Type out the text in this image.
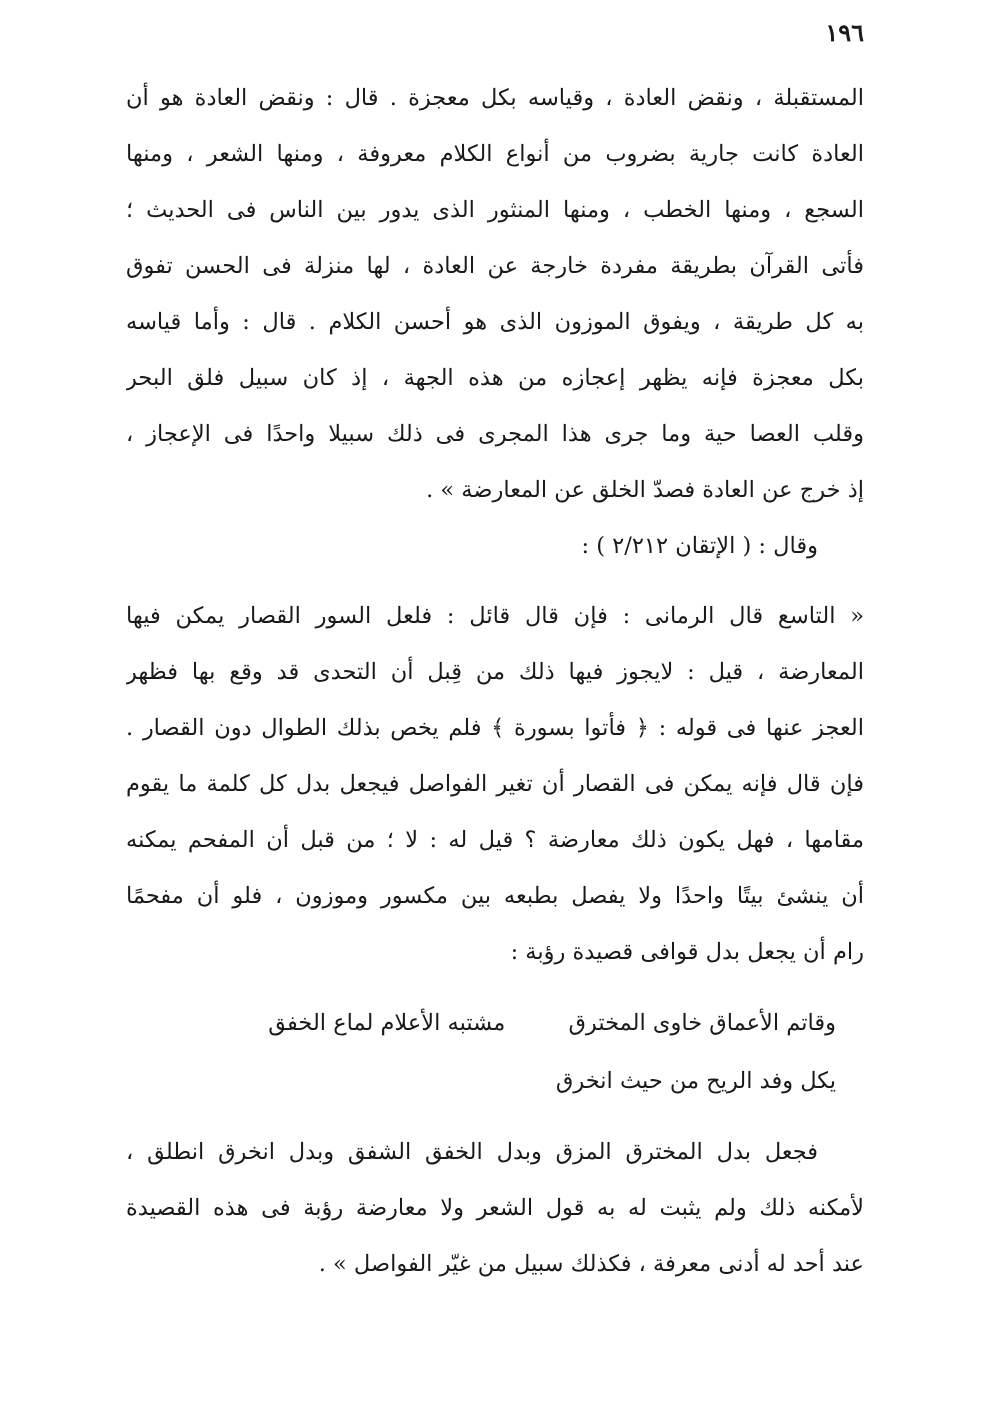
١٩٦
المستقبلة ، ونقض العادة ، وقياسه بكل معجزة . قال : ونقض العادة هو أن
العادة كانت جارية بضروب من أنواع الكلام معروفة ، ومنها الشعر ، ومنها
السجع ، ومنها الخطب ، ومنها المنثور الذى يدور بين الناس فى الحديث ؛
فأتى القرآن بطريقة مفردة خارجة عن العادة ، لها منزلة فى الحسن تفوق
به كل طريقة ، ويفوق الموزون الذى هو أحسن الكلام . قال : وأما قياسه
بكل معجزة فإنه يظهر إعجازه من هذه الجهة ، إذ كان سبيل فلق البحر
وقلب العصا حية وما جرى هذا المجرى فى ذلك سبيلا واحدًا فى الإعجاز ،
إذ خرج عن العادة فصدّ الخلق عن المعارضة » .
وقال : ( الإتقان ٢/٢١٢ ) :
« التاسع قال الرمانى : فإن قال قائل : فلعل السور القصار يمكن فيها
المعارضة ، قيل : لايجوز فيها ذلك من قِبل أن التحدى قد وقع بها فظهر
العجز عنها فى قوله : ﴿ فأتوا بسورة ﴾ فلم يخص بذلك الطوال دون القصار .
فإن قال فإنه يمكن فى القصار أن تغير الفواصل فيجعل بدل كل كلمة ما يقوم
مقامها ، فهل يكون ذلك معارضة ؟ قيل له : لا ؛ من قبل أن المفحم يمكنه
أن ينشئ بيتًا واحدًا ولا يفصل بطبعه بين مكسور وموزون ، فلو أن مفحمًا
رام أن يجعل بدل قوافى قصيدة رؤبة :
وقاتم الأعماق خاوى المخترق مشتبه الأعلام لماع الخفق
يكل وفد الريح من حيث انخرق
فجعل بدل المخترق المزق وبدل الخفق الشفق وبدل انخرق انطلق ،
لأمكنه ذلك ولم يثبت له به قول الشعر ولا معارضة رؤبة فى هذه القصيدة
عند أحد له أدنى معرفة ، فكذلك سبيل من غيّر الفواصل » .
